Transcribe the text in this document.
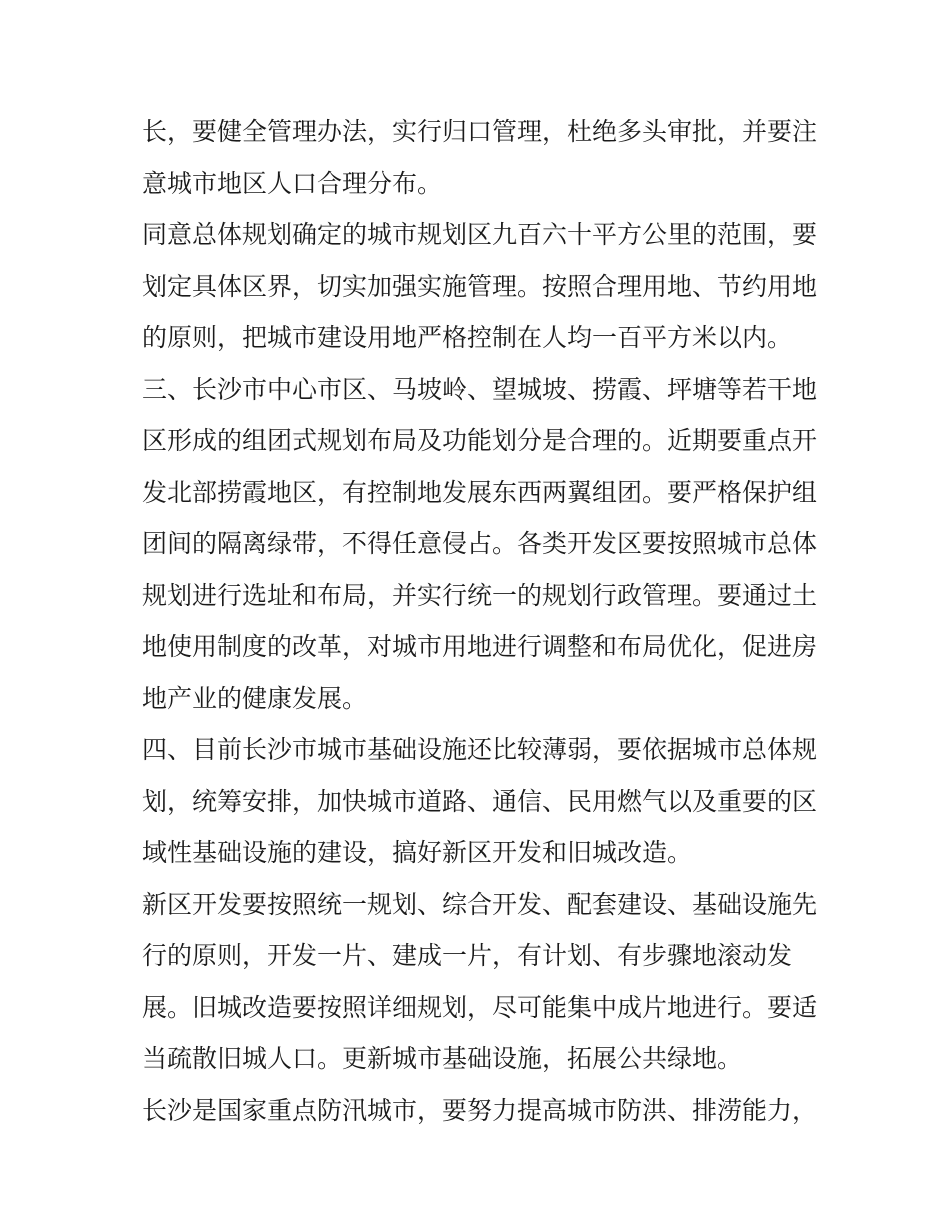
长，要健全管理办法，实行归口管理，杜绝多头审批，并要注
意城市地区人口合理分布。
同意总体规划确定的城市规划区九百六十平方公里的范围，要
划定具体区界，切实加强实施管理。按照合理用地、节约用地
的原则，把城市建设用地严格控制在人均一百平方米以内。
三、长沙市中心市区、马坡岭、望城坡、捞霞、坪塘等若干地
区形成的组团式规划布局及功能划分是合理的。近期要重点开
发北部捞霞地区，有控制地发展东西两翼组团。要严格保护组
团间的隔离绿带，不得任意侵占。各类开发区要按照城市总体
规划进行选址和布局，并实行统一的规划行政管理。要通过土
地使用制度的改革，对城市用地进行调整和布局优化，促进房
地产业的健康发展。
四、目前长沙市城市基础设施还比较薄弱，要依据城市总体规
划，统筹安排，加快城市道路、通信、民用燃气以及重要的区
域性基础设施的建设，搞好新区开发和旧城改造。
新区开发要按照统一规划、综合开发、配套建设、基础设施先
行的原则，开发一片、建成一片，有计划、有步骤地滚动发
展。旧城改造要按照详细规划，尽可能集中成片地进行。要适
当疏散旧城人口。更新城市基础设施，拓展公共绿地。
长沙是国家重点防汛城市，要努力提高城市防洪、排涝能力，
